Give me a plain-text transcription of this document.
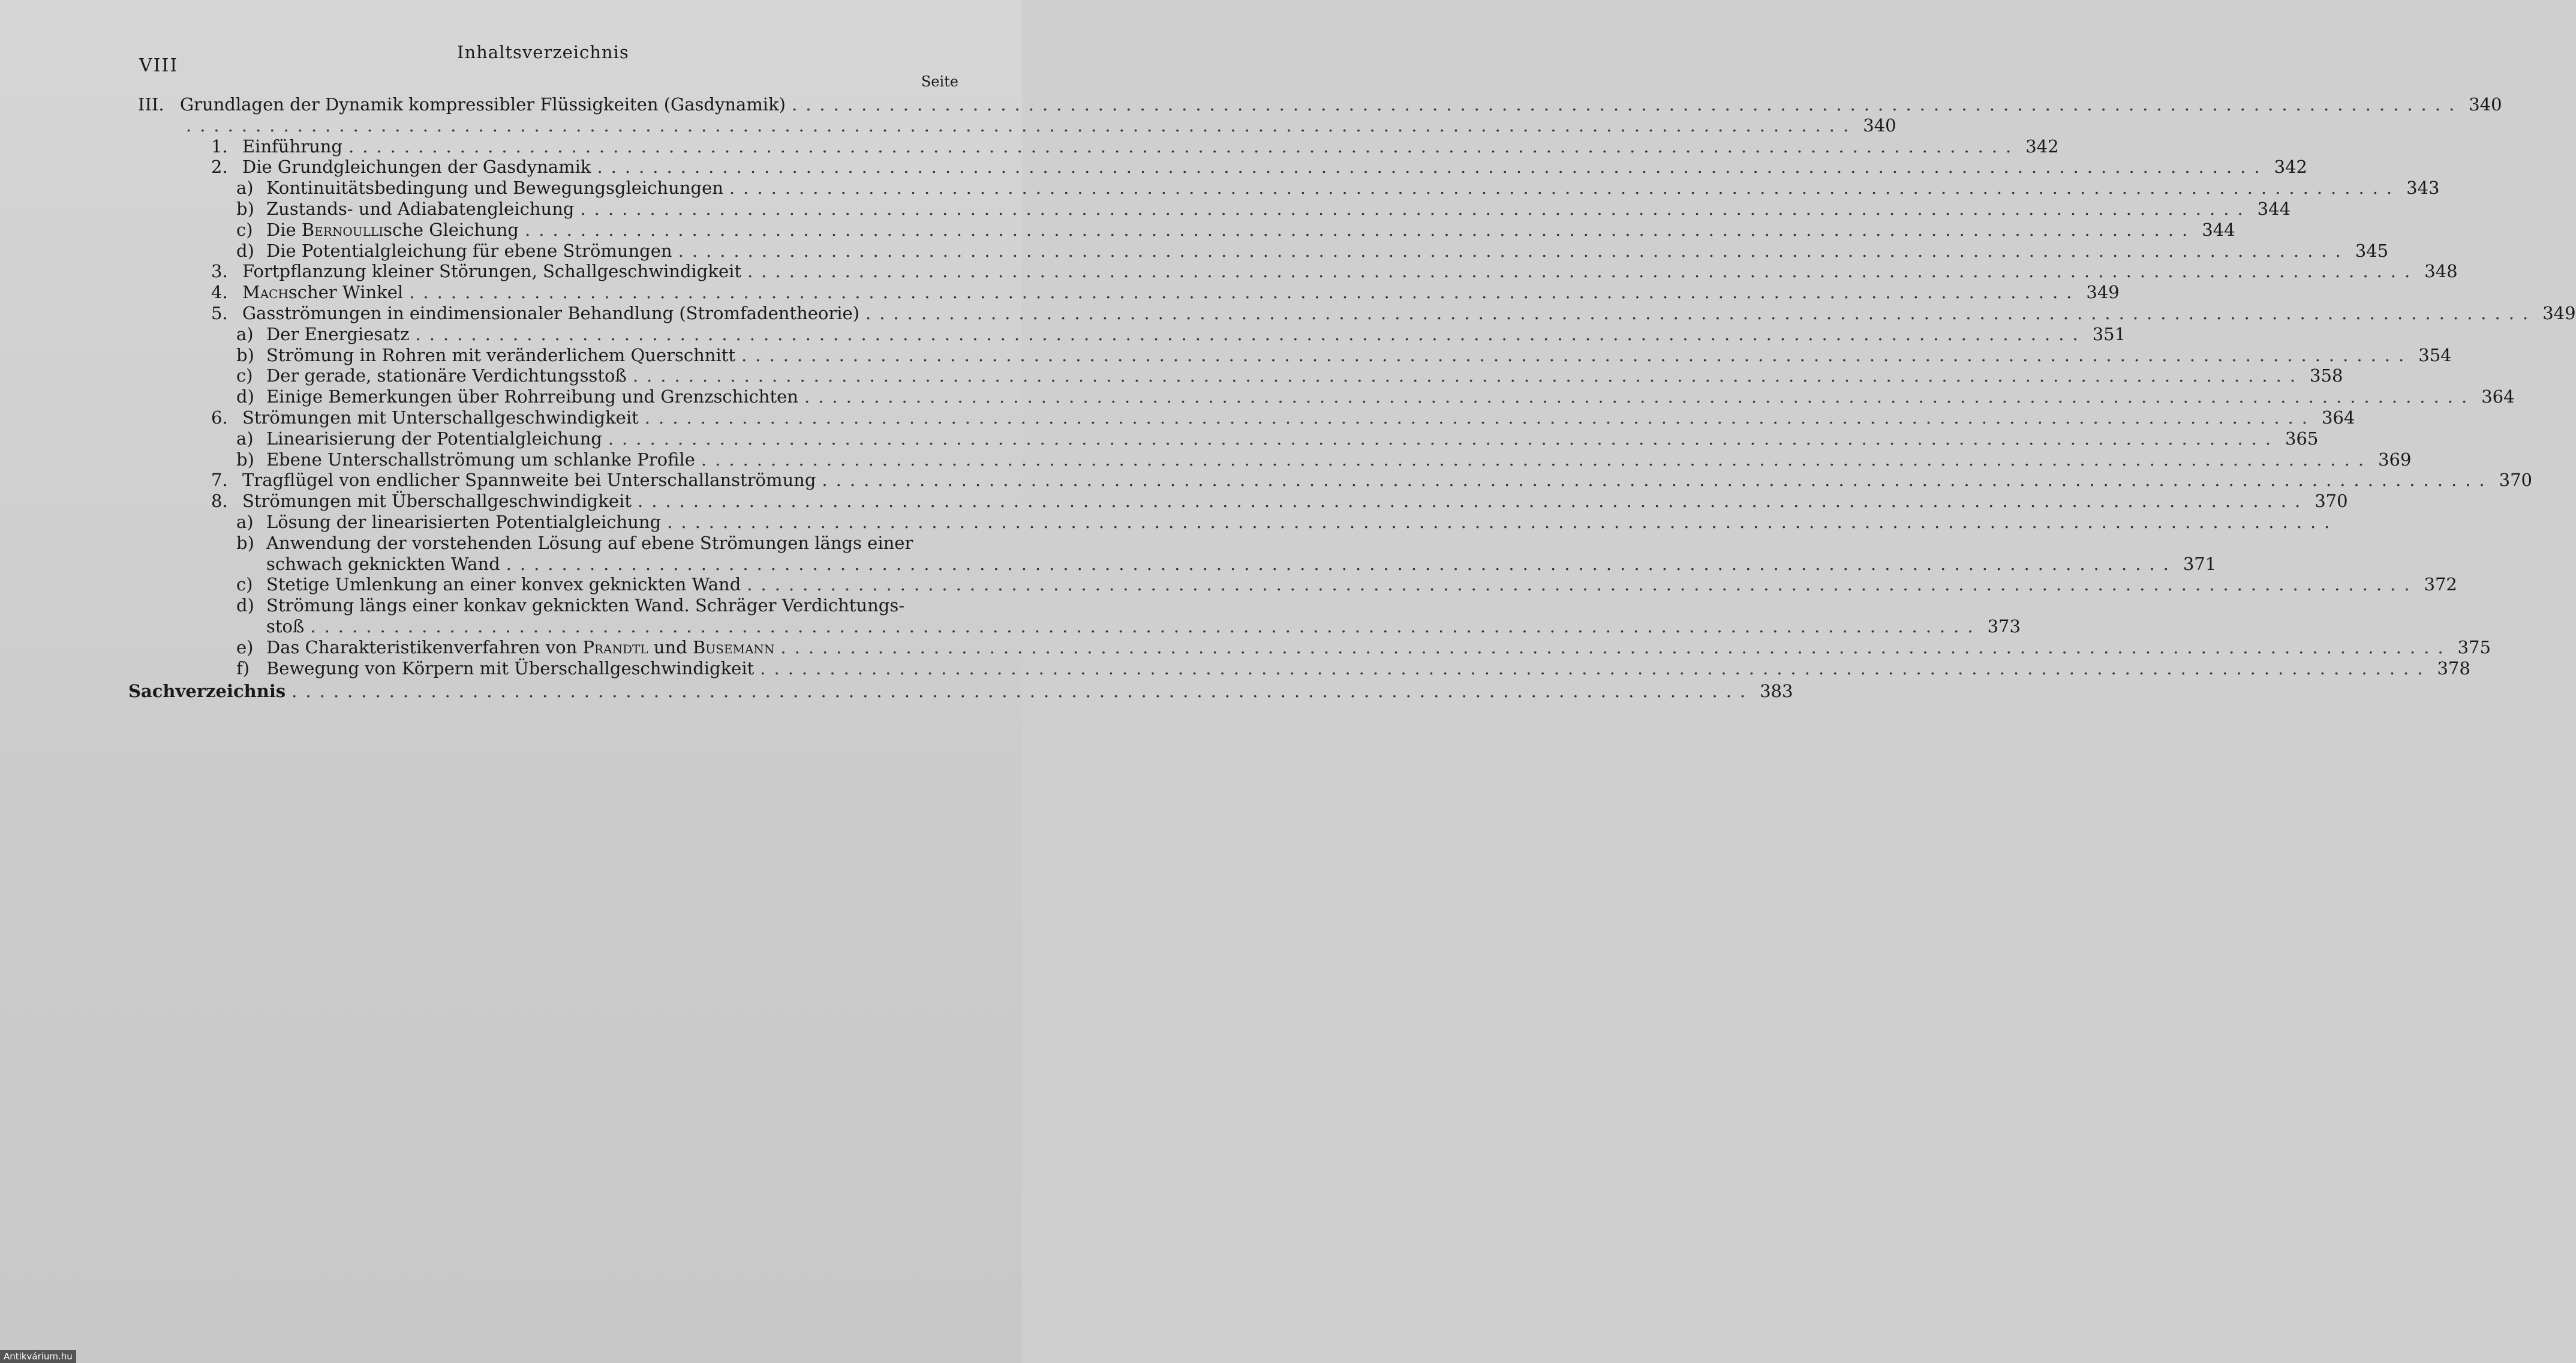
VIII
Inhaltsverzeichnis
Seite
III. Grundlagen der Dynamik kompressibler Flüssigkeiten (Gasdynamik) ........................................................................................................................ 340
........................................................................................................................ 340
1. Einführung ........................................................................................................................ 342
2. Die Grundgleichungen der Gasdynamik ........................................................................................................................ 342
a) Kontinuitätsbedingung und Bewegungsgleichungen ........................................................................................................................ 343
b) Zustands- und Adiabatengleichung ........................................................................................................................ 344
c) Die Bernoullische Gleichung ........................................................................................................................ 344
d) Die Potentialgleichung für ebene Strömungen ........................................................................................................................ 345
3. Fortpflanzung kleiner Störungen, Schallgeschwindigkeit ........................................................................................................................ 348
4. Machscher Winkel ........................................................................................................................ 349
5. Gasströmungen in eindimensionaler Behandlung (Stromfadentheorie) ........................................................................................................................ 349
a) Der Energiesatz ........................................................................................................................ 351
b) Strömung in Rohren mit veränderlichem Querschnitt ........................................................................................................................ 354
c) Der gerade, stationäre Verdichtungsstoß ........................................................................................................................ 358
d) Einige Bemerkungen über Rohrreibung und Grenzschichten ........................................................................................................................ 364
6. Strömungen mit Unterschallgeschwindigkeit ........................................................................................................................ 364
a) Linearisierung der Potentialgleichung ........................................................................................................................ 365
b) Ebene Unterschallströmung um schlanke Profile ........................................................................................................................ 369
7. Tragflügel von endlicher Spannweite bei Unterschallanströmung ........................................................................................................................ 370
8. Strömungen mit Überschallgeschwindigkeit ........................................................................................................................ 370
a) Lösung der linearisierten Potentialgleichung ........................................................................................................................
b) Anwendung der vorstehenden Lösung auf ebene Strömungen längs einer
schwach geknickten Wand ........................................................................................................................ 371
c) Stetige Umlenkung an einer konvex geknickten Wand ........................................................................................................................ 372
d) Strömung längs einer konkav geknickten Wand. Schräger Verdichtungs-
stoß ........................................................................................................................ 373
e) Das Charakteristikenverfahren von Prandtl und Busemann ........................................................................................................................ 375
f) Bewegung von Körpern mit Überschallgeschwindigkeit ........................................................................................................................ 378
Sachverzeichnis ......................................................................................................... 383
Antikvárium.hu
